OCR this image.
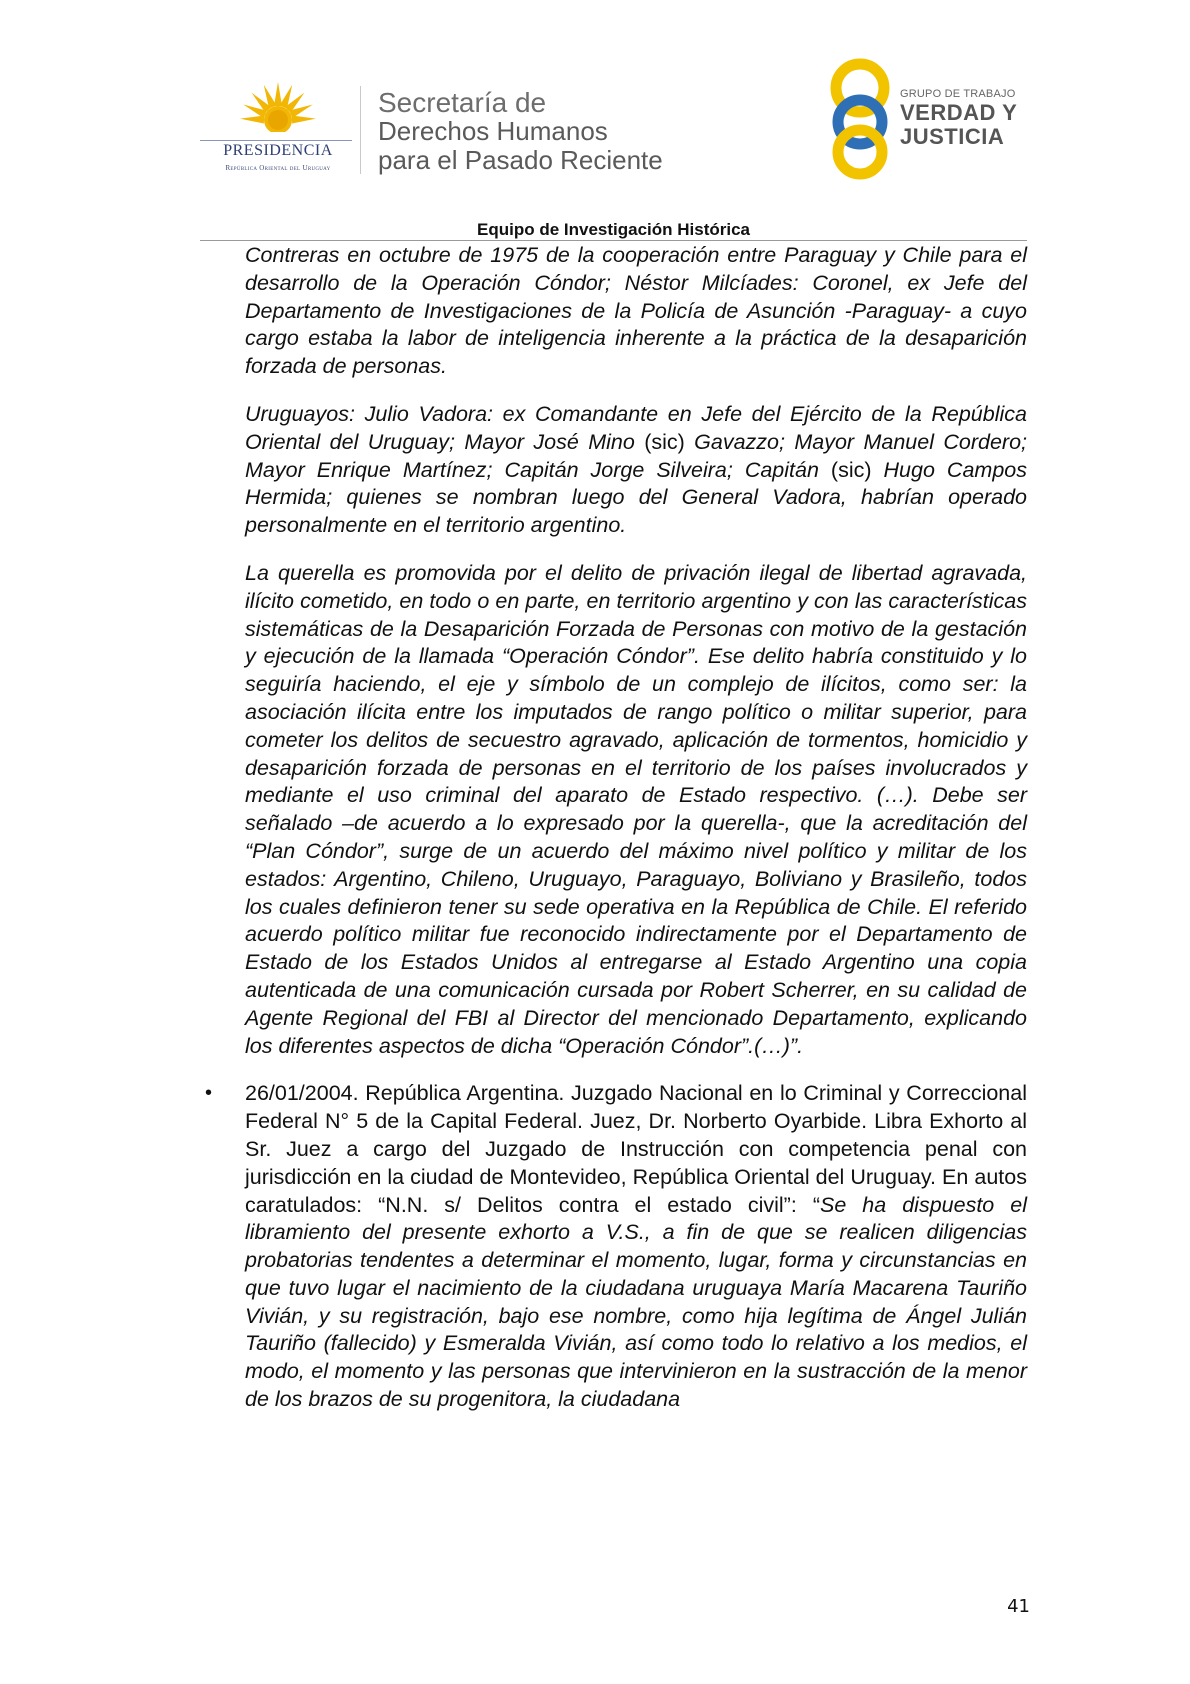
PRESIDENCIA
República Oriental del Uruguay
Secretaría de
Derechos Humanos
para el Pasado Reciente
GRUPO DE TRABAJO
VERDAD Y
JUSTICIA
Equipo de Investigación Histórica

Contreras en octubre de 1975 de la cooperación entre Paraguay y Chile para el desarrollo de la Operación Cóndor; Néstor Milcíades: Coronel, ex Jefe del Departamento de Investigaciones de la Policía de Asunción -Paraguay- a cuyo cargo estaba la labor de inteligencia inherente a la práctica de la desaparición forzada de personas.

Uruguayos: Julio Vadora: ex Comandante en Jefe del Ejército de la República Oriental del Uruguay; Mayor José Mino (sic) Gavazzo; Mayor Manuel Cordero; Mayor Enrique Martínez; Capitán Jorge Silveira; Capitán (sic) Hugo Campos Hermida; quienes se nombran luego del General Vadora, habrían operado personalmente en el territorio argentino.

La querella es promovida por el delito de privación ilegal de libertad agravada, ilícito cometido, en todo o en parte, en territorio argentino y con las características sistemáticas de la Desaparición Forzada de Personas con motivo de la gestación y ejecución de la llamada “Operación Cóndor”. Ese delito habría constituido y lo seguiría haciendo, el eje y símbolo de un complejo de ilícitos, como ser: la asociación ilícita entre los imputados de rango político o militar superior, para cometer los delitos de secuestro agravado, aplicación de tormentos, homicidio y desaparición forzada de personas en el territorio de los países involucrados y mediante el uso criminal del aparato de Estado respectivo. (…). Debe ser señalado –de acuerdo a lo expresado por la querella-, que la acreditación del “Plan Cóndor”, surge de un acuerdo del máximo nivel político y militar de los estados: Argentino, Chileno, Uruguayo, Paraguayo, Boliviano y Brasileño, todos los cuales definieron tener su sede operativa en la República de Chile. El referido acuerdo político militar fue reconocido indirectamente por el Departamento de Estado de los Estados Unidos al entregarse al Estado Argentino una copia autenticada de una comunicación cursada por Robert Scherrer, en su calidad de Agente Regional del FBI al Director del mencionado Departamento, explicando los diferentes aspectos de dicha “Operación Cóndor”.(…)”.

• 26/01/2004. República Argentina. Juzgado Nacional en lo Criminal y Correccional Federal N° 5 de la Capital Federal. Juez, Dr. Norberto Oyarbide. Libra Exhorto al Sr. Juez a cargo del Juzgado de Instrucción con competencia penal con jurisdicción en la ciudad de Montevideo, República Oriental del Uruguay. En autos caratulados: “N.N. s/ Delitos contra el estado civil”: “Se ha dispuesto el libramiento del presente exhorto a V.S., a fin de que se realicen diligencias probatorias tendentes a determinar el momento, lugar, forma y circunstancias en que tuvo lugar el nacimiento de la ciudadana uruguaya María Macarena Tauriño Vivián, y su registración, bajo ese nombre, como hija legítima de Ángel Julián Tauriño (fallecido) y Esmeralda Vivián, así como todo lo relativo a los medios, el modo, el momento y las personas que intervinieron en la sustracción de la menor de los brazos de su progenitora, la ciudadana

41
